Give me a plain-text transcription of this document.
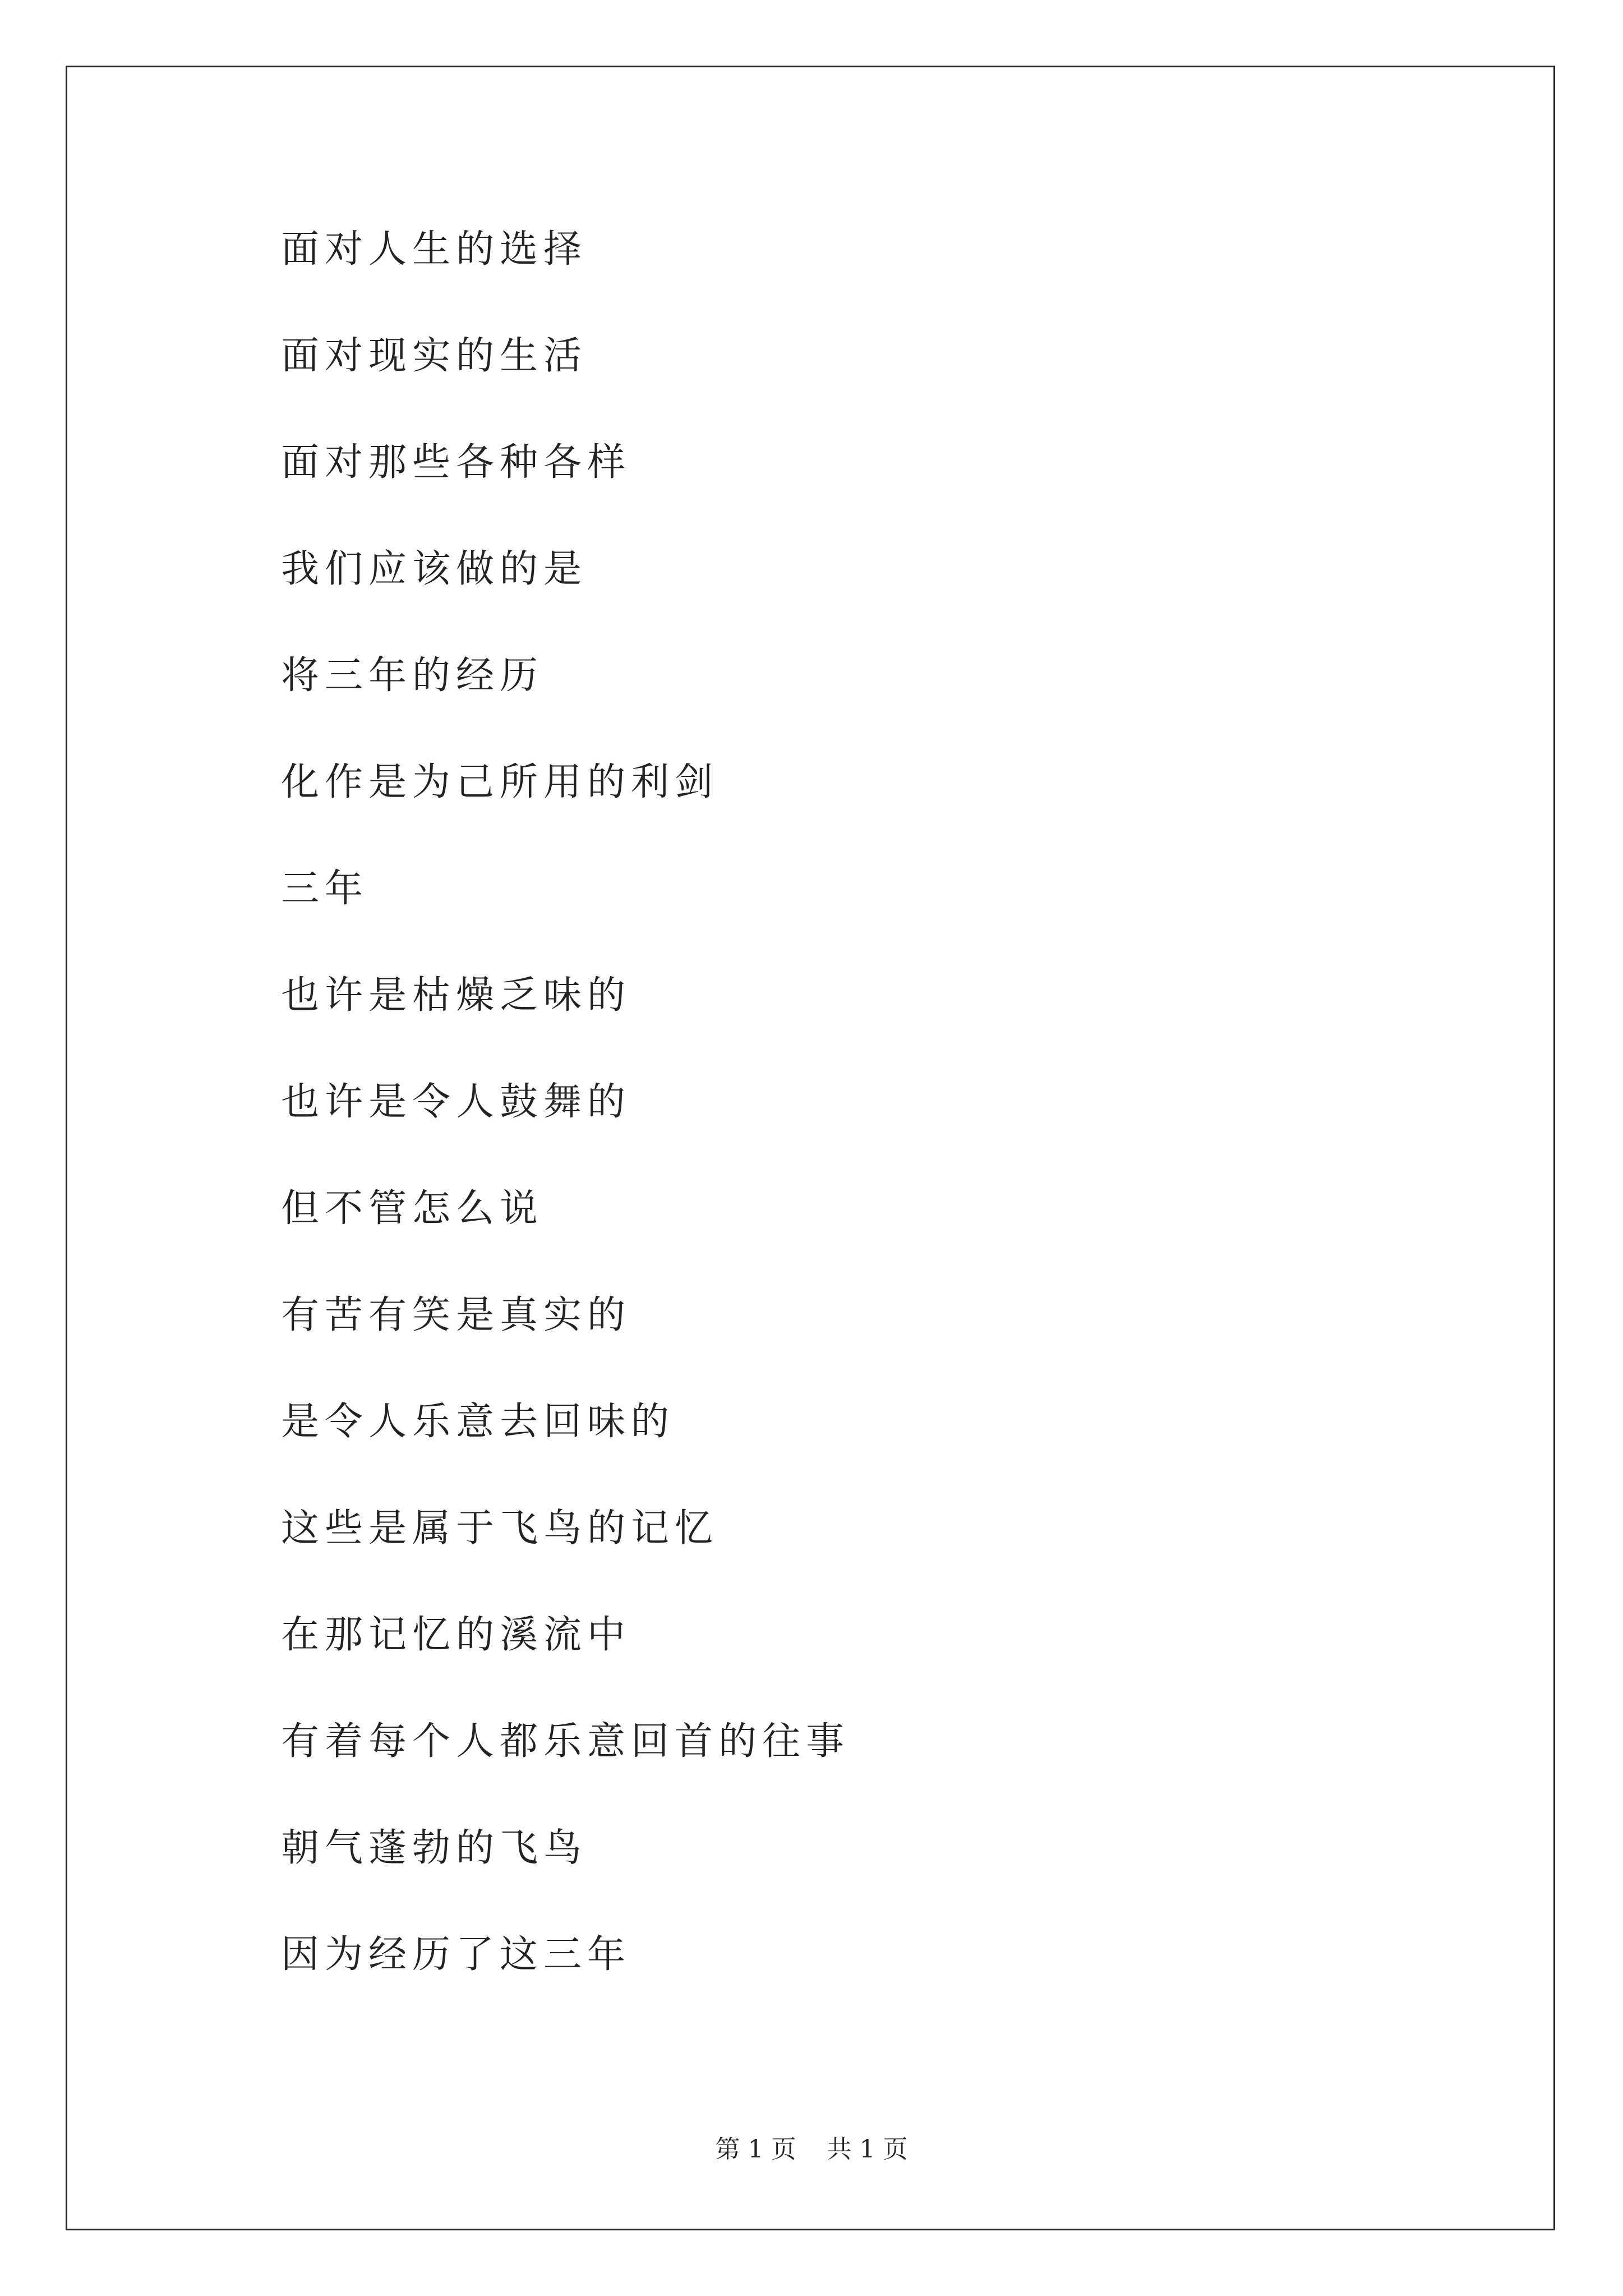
面对人生的选择
面对现实的生活
面对那些各种各样
我们应该做的是
将三年的经历
化作是为己所用的利剑
三年
也许是枯燥乏味的
也许是令人鼓舞的
但不管怎么说
有苦有笑是真实的
是令人乐意去回味的
这些是属于飞鸟的记忆
在那记忆的溪流中
有着每个人都乐意回首的往事
朝气蓬勃的飞鸟
因为经历了这三年
第 1 页 共 1 页
